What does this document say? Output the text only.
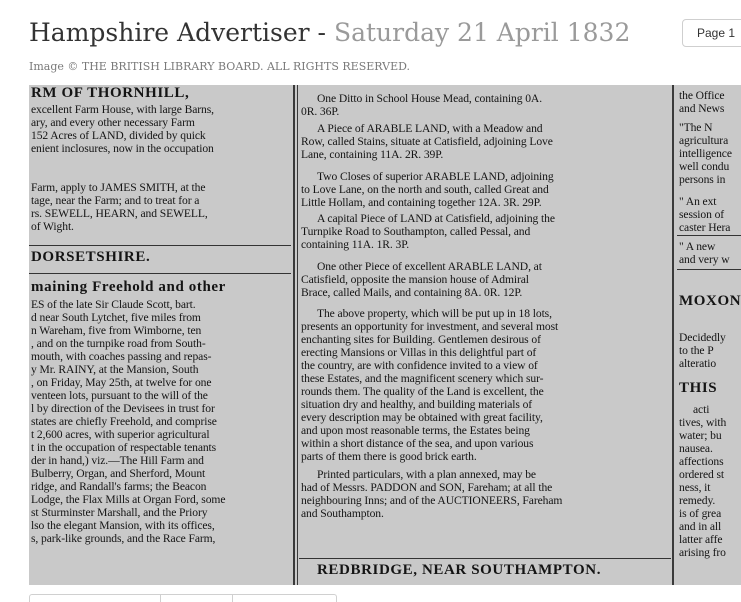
Hampshire Advertiser - Saturday 21 April 1832
Image © THE BRITISH LIBRARY BOARD. ALL RIGHTS RESERVED.
Page 1
RM OF THORNHILL,
excellent Farm House, with large Barns,
ary, and every other necessary Farm
152 Acres of LAND, divided by quick
enient inclosures, now in the occupation
Farm, apply to JAMES SMITH, at the
tage, near the Farm; and to treat for a
rs. SEWELL, HEARN, and SEWELL,
of Wight.
DORSETSHIRE.
maining Freehold and other
ES of the late Sir Claude Scott, bart.
d near South Lytchet, five miles from
n Wareham, five from Wimborne, ten
, and on the turnpike road from South-
mouth, with coaches passing and repas-
y Mr. RAINY, at the Mansion, South
, on Friday, May 25th, at twelve for one
venteen lots, pursuant to the will of the
l by direction of the Devisees in trust for
states are chiefly Freehold, and comprise
t 2,600 acres, with superior agricultural
t in the occupation of respectable tenants
der in hand,) viz.—The Hill Farm and
Bulberry, Organ, and Sherford, Mount
ridge, and Randall's farms; the Beacon
Lodge, the Flax Mills at Organ Ford, some
st Sturminster Marshall, and the Priory
lso the elegant Mansion, with its offices,
s, park-like grounds, and the Race Farm,
One Ditto in School House Mead, containing 0A.
0R. 36P.
A Piece of ARABLE LAND, with a Meadow and
Row, called Stains, situate at Catisfield, adjoining Love
Lane, containing 11A. 2R. 39P.
Two Closes of superior ARABLE LAND, adjoining
to Love Lane, on the north and south, called Great and
Little Hollam, and containing together 12A. 3R. 29P.
A capital Piece of LAND at Catisfield, adjoining the
Turnpike Road to Southampton, called Pessal, and
containing 11A. 1R. 3P.
One other Piece of excellent ARABLE LAND, at
Catisfield, opposite the mansion house of Admiral
Brace, called Mails, and containing 8A. 0R. 12P.
The above property, which will be put up in 18 lots,
presents an opportunity for investment, and several most
enchanting sites for Building. Gentlemen desirous of
erecting Mansions or Villas in this delightful part of
the country, are with confidence invited to a view of
these Estates, and the magnificent scenery which sur-
rounds them. The quality of the Land is excellent, the
situation dry and healthy, and building materials of
every description may be obtained with great facility,
and upon most reasonable terms, the Estates being
within a short distance of the sea, and upon various
parts of them there is good brick earth.
Printed particulars, with a plan annexed, may be
had of Messrs. PADDON and SON, Fareham; at all the
neighbouring Inns; and of the AUCTIONEERS, Fareham
and Southampton.
REDBRIDGE, NEAR SOUTHAMPTON.
the Office
and News
"The N
agricultura
intelligence
well condu
persons in
" An ext
session of
caster Hera
" A new
and very w
MOXON
Decidedly
to the P
alteratio
THIS
acti
tives, with
water; bu
nausea.
affections
ordered st
ness, it
remedy.
is of grea
and in all
latter affe
arising fro
